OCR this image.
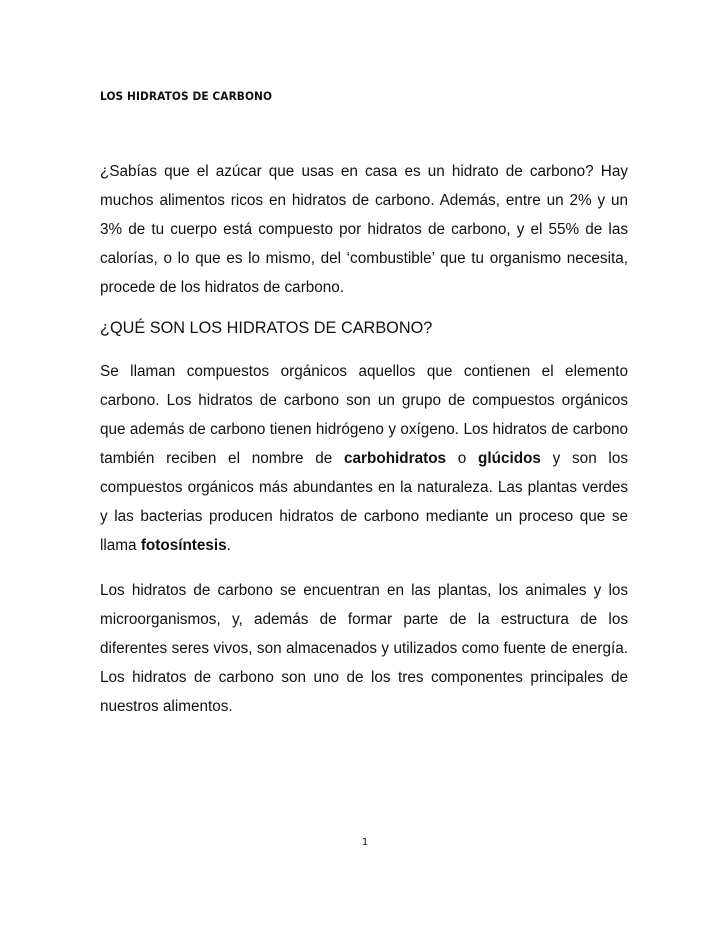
LOS HIDRATOS DE CARBONO

¿Sabías que el azúcar que usas en casa es un hidrato de carbono? Hay muchos alimentos ricos en hidratos de carbono. Además, entre un 2% y un 3% de tu cuerpo está compuesto por hidratos de carbono, y el 55% de las calorías, o lo que es lo mismo, del ‘combustible’ que tu organismo necesita, procede de los hidratos de carbono.

¿QUÉ SON LOS HIDRATOS DE CARBONO?

Se llaman compuestos orgánicos aquellos que contienen el elemento carbono. Los hidratos de carbono son un grupo de compuestos orgánicos que además de carbono tienen hidrógeno y oxígeno. Los hidratos de carbono también reciben el nombre de carbohidratos o glúcidos y son los compuestos orgánicos más abundantes en la naturaleza. Las plantas verdes y las bacterias producen hidratos de carbono mediante un proceso que se llama fotosíntesis.

Los hidratos de carbono se encuentran en las plantas, los animales y los microorganismos, y, además de formar parte de la estructura de los diferentes seres vivos, son almacenados y utilizados como fuente de energía. Los hidratos de carbono son uno de los tres componentes principales de nuestros alimentos.

1
